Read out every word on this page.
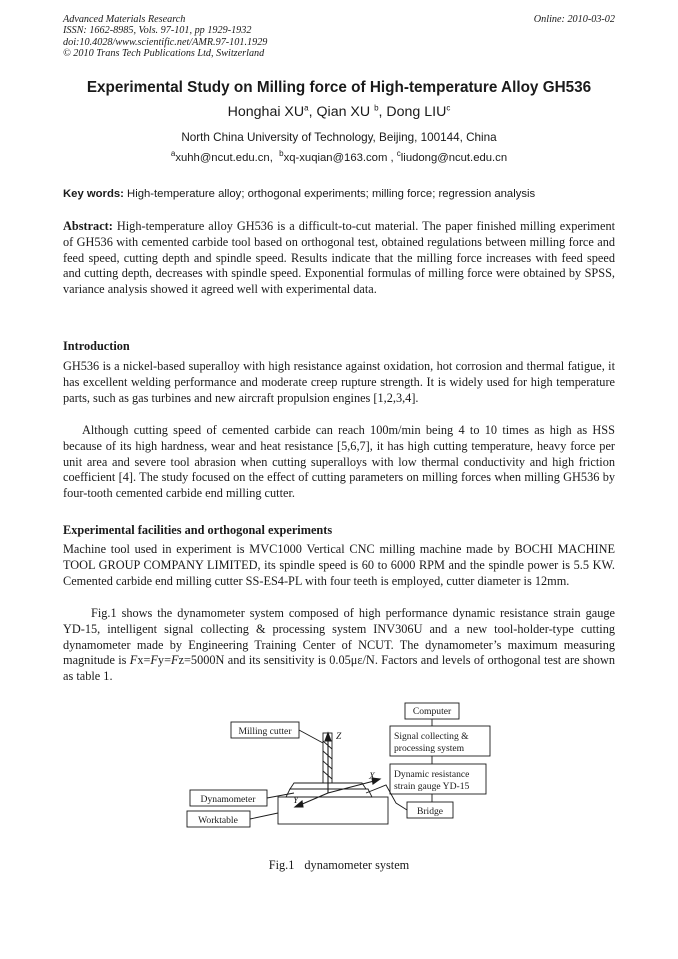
Advanced Materials Research
ISSN: 1662-8985, Vols. 97-101, pp 1929-1932
doi:10.4028/www.scientific.net/AMR.97-101.1929
© 2010 Trans Tech Publications Ltd, Switzerland
Online: 2010-03-02
Experimental Study on Milling force of High-temperature Alloy GH536
Honghai $XU^a$, Qian XU $^b$, Dong LIU$^c$
North China University of Technology, Beijing, 100144, China
$^a$xuhh@ncut.edu.cn, $^b$xq-xuqian@163.com , $^c$liudong@ncut.edu.cn
Key words: High-temperature alloy; orthogonal experiments; milling force; regression analysis

Abstract: High-temperature alloy GH536 is a difficult-to-cut material. The paper finished milling experiment of GH536 with cemented carbide tool based on orthogonal test, obtained regulations between milling force and feed speed, cutting depth and spindle speed. Results indicate that the milling force increases with feed speed and cutting depth, decreases with spindle speed. Exponential formulas of milling force were obtained by SPSS, variance analysis showed it agreed well with experimental data.

Introduction

GH536 is a nickel-based superalloy with high resistance against oxidation, hot corrosion and thermal fatigue, it has excellent welding performance and moderate creep rupture strength. It is widely used for high temperature parts, such as gas turbines and new aircraft propulsion engines [1,2,3,4].

Although cutting speed of cemented carbide can reach 100m/min being 4 to 10 times as high as HSS because of its high hardness, wear and heat resistance [5,6,7], it has high cutting temperature, heavy force per unit area and severe tool abrasion when cutting superalloys with low thermal conductivity and high friction coefficient [4]. The study focused on the effect of cutting parameters on milling forces when milling GH536 by four-tooth cemented carbide end milling cutter.

Experimental facilities and orthogonal experiments

Machine tool used in experiment is MVC1000 Vertical CNC milling machine made by BOCHI MACHINE TOOL GROUP COMPANY LIMITED, its spindle speed is 60 to 6000 RPM and the spindle power is 5.5 KW. Cemented carbide end milling cutter SS-ES4-PL with four teeth is employed, cutter diameter is 12mm.

Fig.1 shows the dynamometer system composed of high performance dynamic resistance strain gauge YD-15, intelligent signal collecting & processing system INV306U and a new tool-holder-type cutting dynamometer made by Engineering Training Center of NCUT. The dynamometer’s maximum measuring magnitude is Fx=Fy=Fz=5000N and its sensitivity is 0.05με/N. Factors and levels of orthogonal test are shown as table 1.

Computer
Signal collecting &
processing system
Dynamic resistance
strain gauge YD-15
Bridge
Milling cutter
Dynamometer
Worktable
Z
X
Y
Fig.1 dynamometer system
